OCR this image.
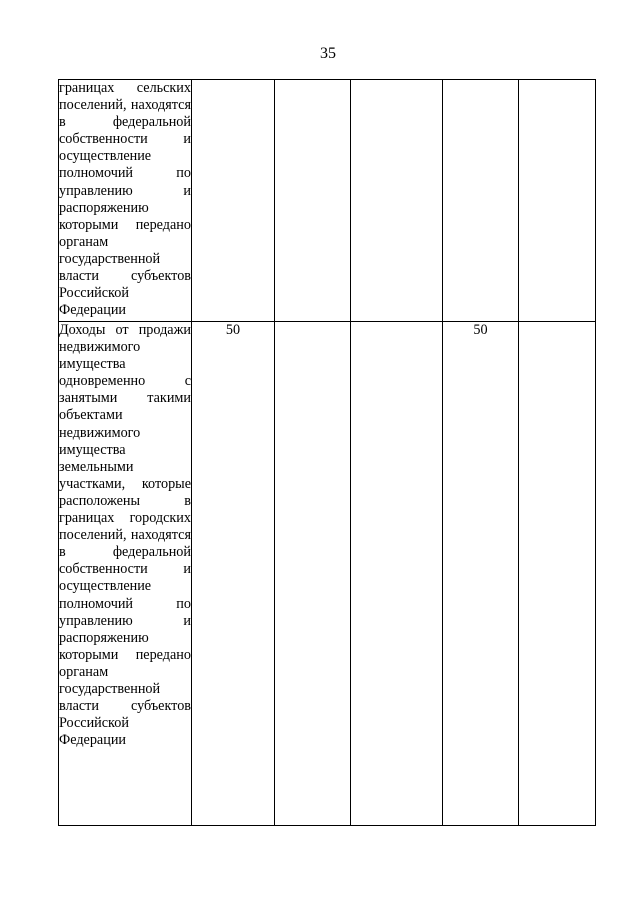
35
границах сельских поселений, находятся в федеральной собственности и осуществление полномочий по управлению и распоряжению которыми передано органам государственной власти субъектов Российской Федерации					

Доходы от продажи недвижимого имущества одновременно с занятыми такими объектами недвижимого имущества земельными участками, которые расположены в границах городских поселений, находятся в федеральной собственности и осуществление полномочий по управлению и распоряжению которыми передано органам государственной власти субъектов Российской Федерации	50			50	
